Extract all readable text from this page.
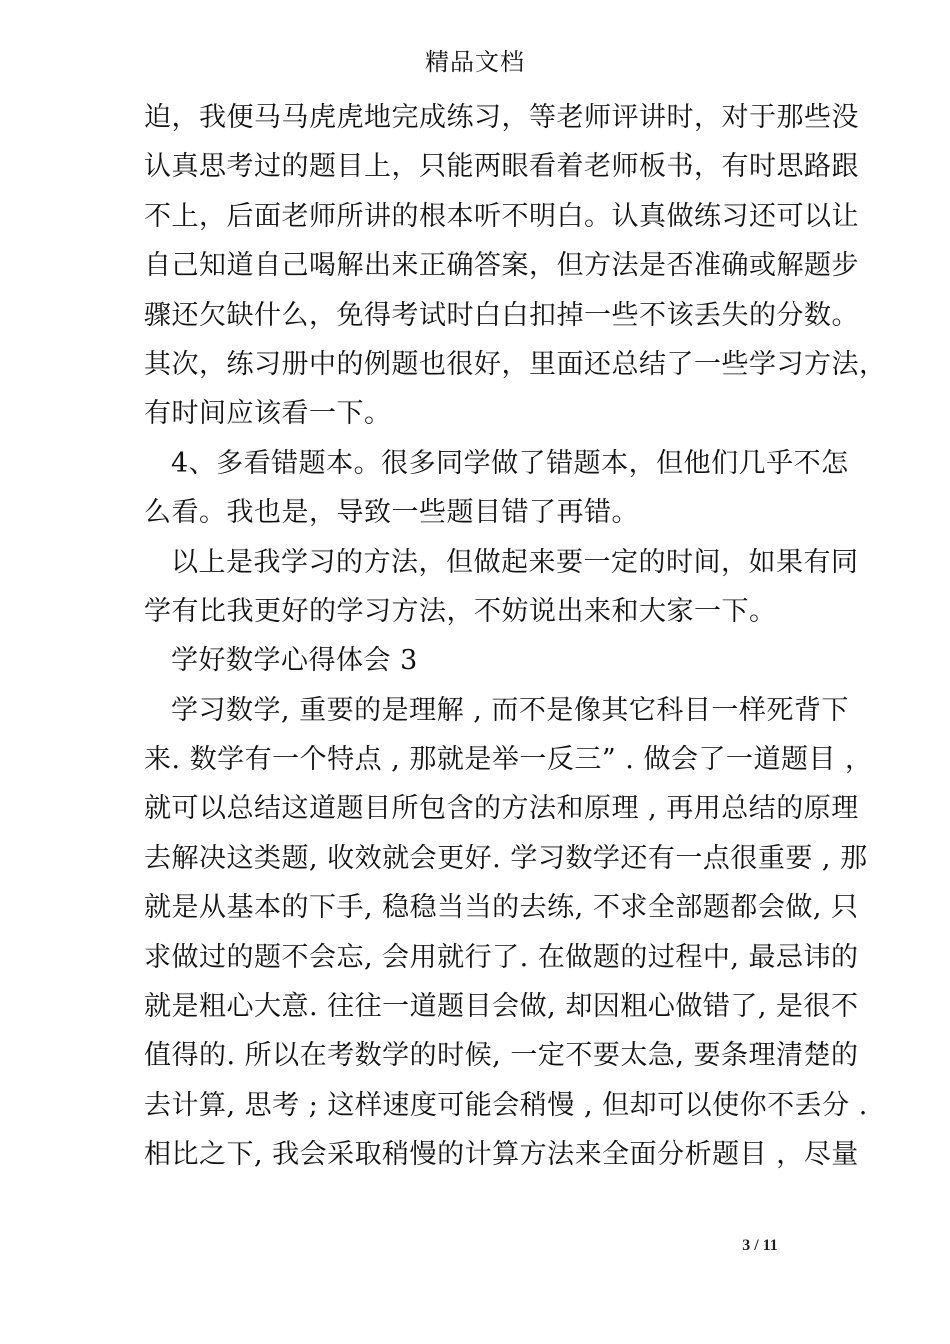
精品文档
迫，我便马马虎虎地完成练习，等老师评讲时，对于那些没
认真思考过的题目上，只能两眼看着老师板书，有时思路跟
不上，后面老师所讲的根本听不明白。认真做练习还可以让
自己知道自己喝解出来正确答案，但方法是否准确或解题步
骤还欠缺什么，免得考试时白白扣掉一些不该丢失的分数。
其次，练习册中的例题也很好，里面还总结了一些学习方法，
有时间应该看一下。
4、多看错题本。很多同学做了错题本，但他们几乎不怎
么看。我也是，导致一些题目错了再错。
以上是我学习的方法，但做起来要一定的时间，如果有同
学有比我更好的学习方法，不妨说出来和大家一下。
学好数学心得体会 3
学习数学, 重要的是理解 , 而不是像其它科目一样死背下
来. 数学有一个特点 , 那就是举一反三” . 做会了一道题目 ，
就可以总结这道题目所包含的方法和原理 , 再用总结的原理
去解决这类题, 收效就会更好. 学习数学还有一点很重要 , 那
就是从基本的下手, 稳稳当当的去练, 不求全部题都会做, 只
求做过的题不会忘, 会用就行了. 在做题的过程中, 最忌讳的
就是粗心大意. 往往一道题目会做, 却因粗心做错了, 是很不
值得的. 所以在考数学的时候, 一定不要太急, 要条理清楚的
去计算, 思考 ; 这样速度可能会稍慢 , 但却可以使你不丢分 .
相比之下, 我会采取稍慢的计算方法来全面分析题目 ，尽量
3 / 11
